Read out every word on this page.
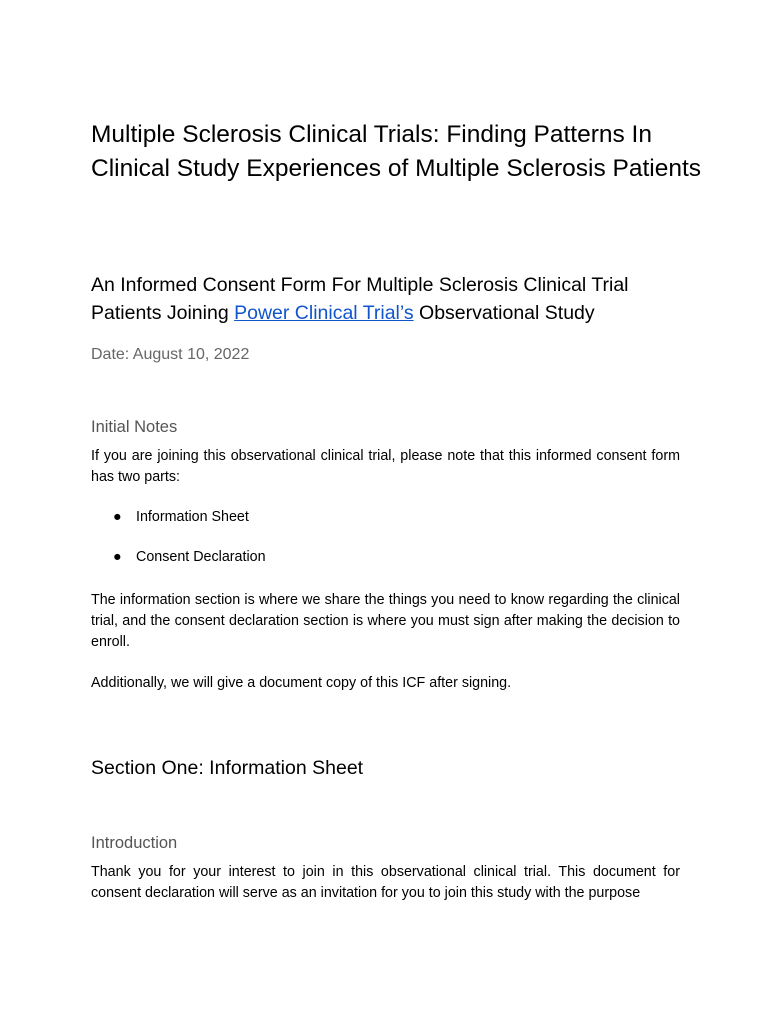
Multiple Sclerosis Clinical Trials: Finding Patterns In Clinical Study Experiences of Multiple Sclerosis Patients
An Informed Consent Form For Multiple Sclerosis Clinical Trial Patients Joining Power Clinical Trial’s Observational Study
Date: August 10, 2022
Initial Notes
If you are joining this observational clinical trial, please note that this informed consent form has two parts:
● Information Sheet
● Consent Declaration
The information section is where we share the things you need to know regarding the clinical trial, and the consent declaration section is where you must sign after making the decision to enroll.
Additionally, we will give a document copy of this ICF after signing.
Section One: Information Sheet
Introduction
Thank you for your interest to join in this observational clinical trial. This document for consent declaration will serve as an invitation for you to join this study with the purpose
